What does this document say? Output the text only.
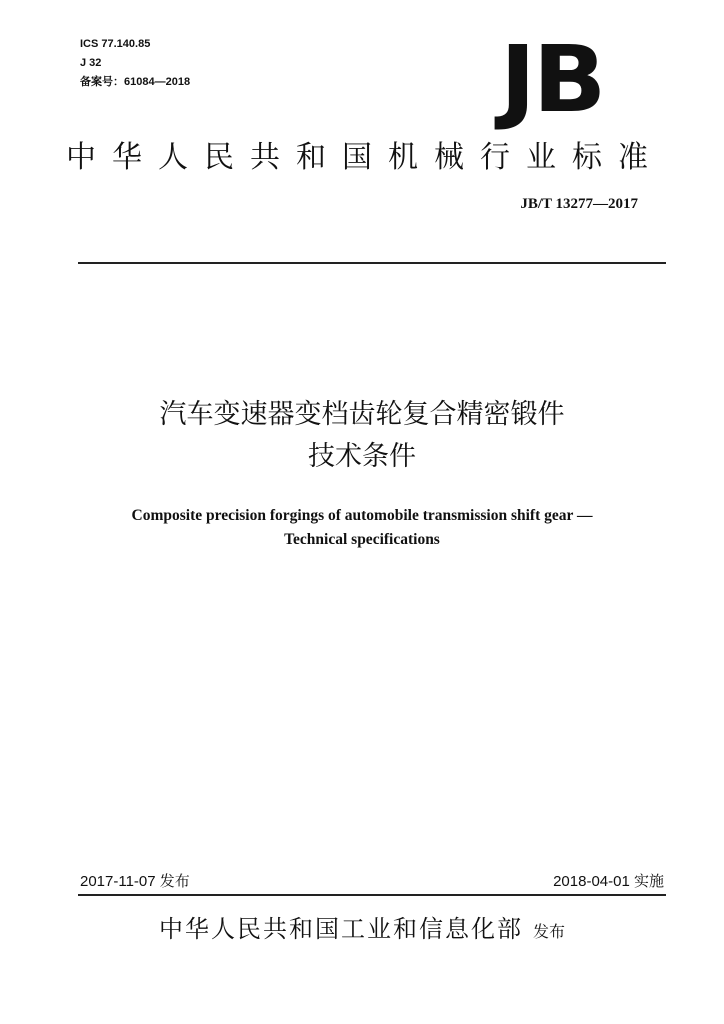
ICS 77.140.85
J 32
备案号：61084—2018	JB
中华人民共和国机械行业标准
JB/T 13277—2017
汽车变速器变档齿轮复合精密锻件
技术条件
Composite precision forgings of automobile transmission shift gear —
Technical specifications
2017-11-07 发布	2018-04-01 实施
中华人民共和国工业和信息化部 发布
